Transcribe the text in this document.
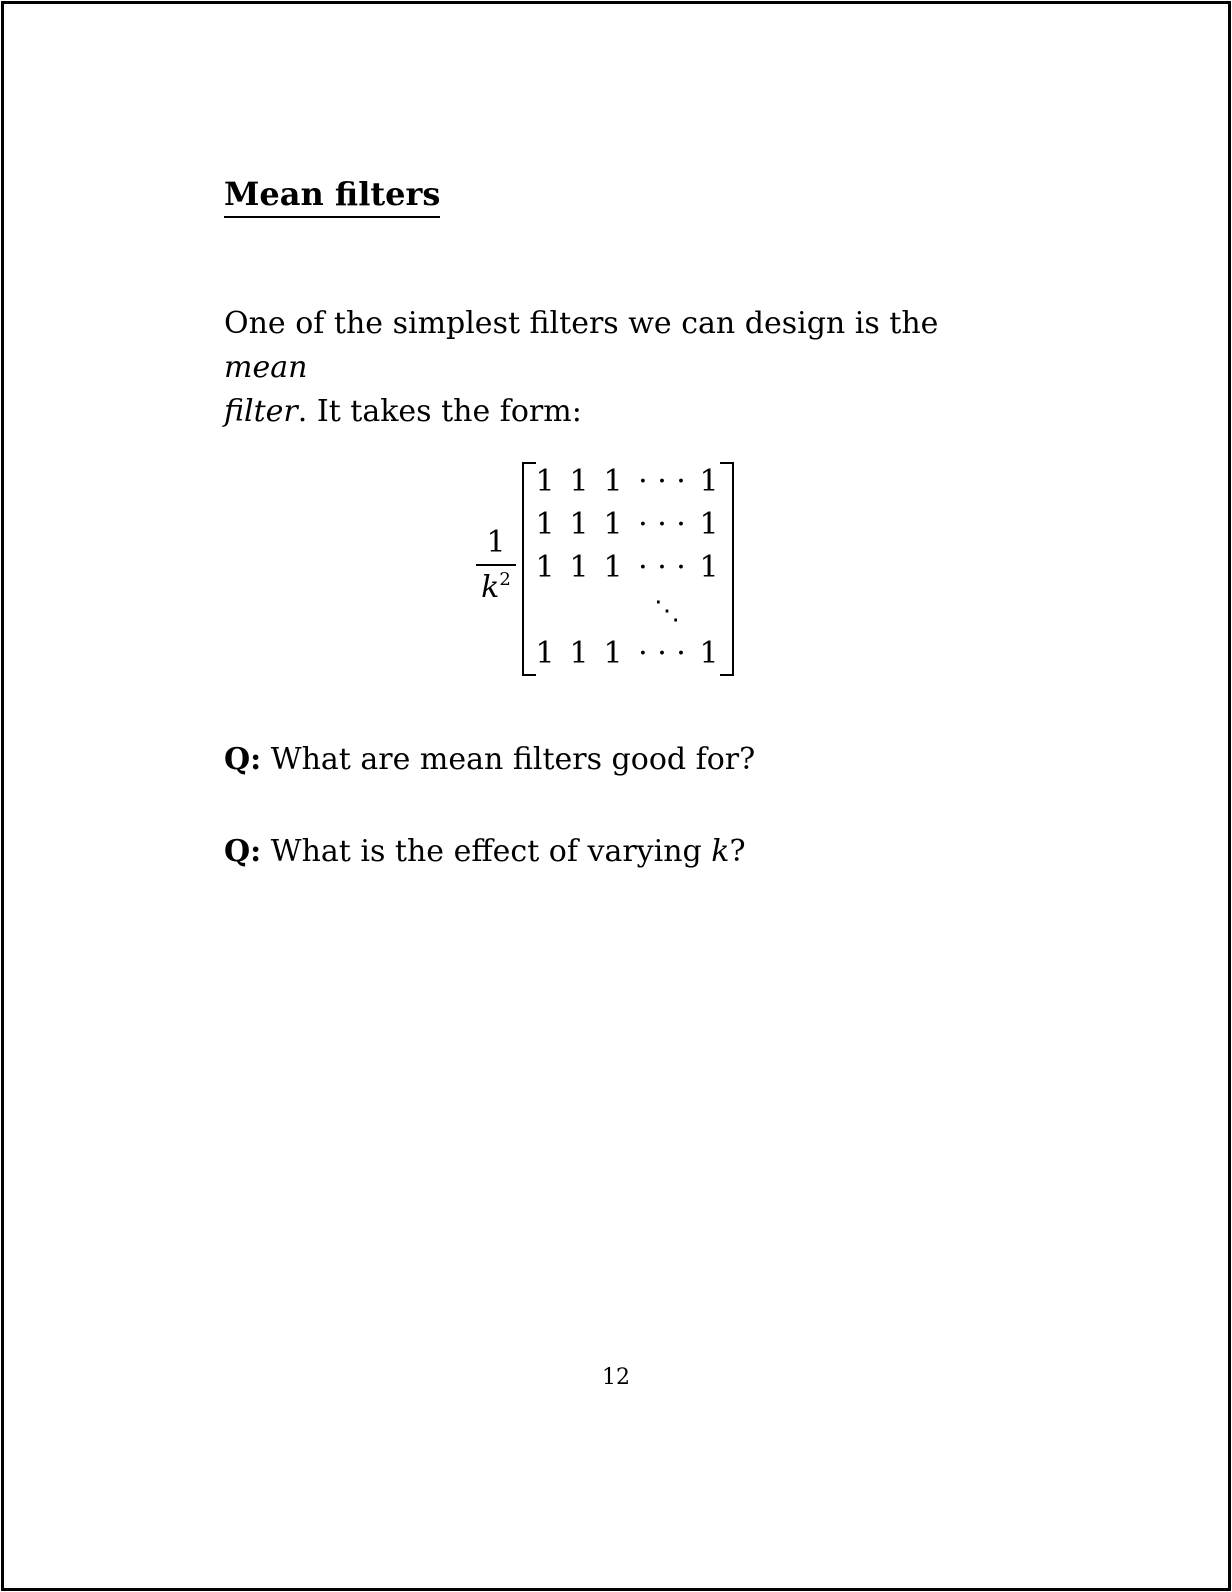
Mean filters

One of the simplest filters we can design is the mean
filter. It takes the form:

1
$k^2$
1 1 1 · · · 1
1 1 1 · · · 1
1 1 1 · · · 1
⋱
1 1 1 · · · 1

Q: What are mean filters good for?

Q: What is the effect of varying k?

12
